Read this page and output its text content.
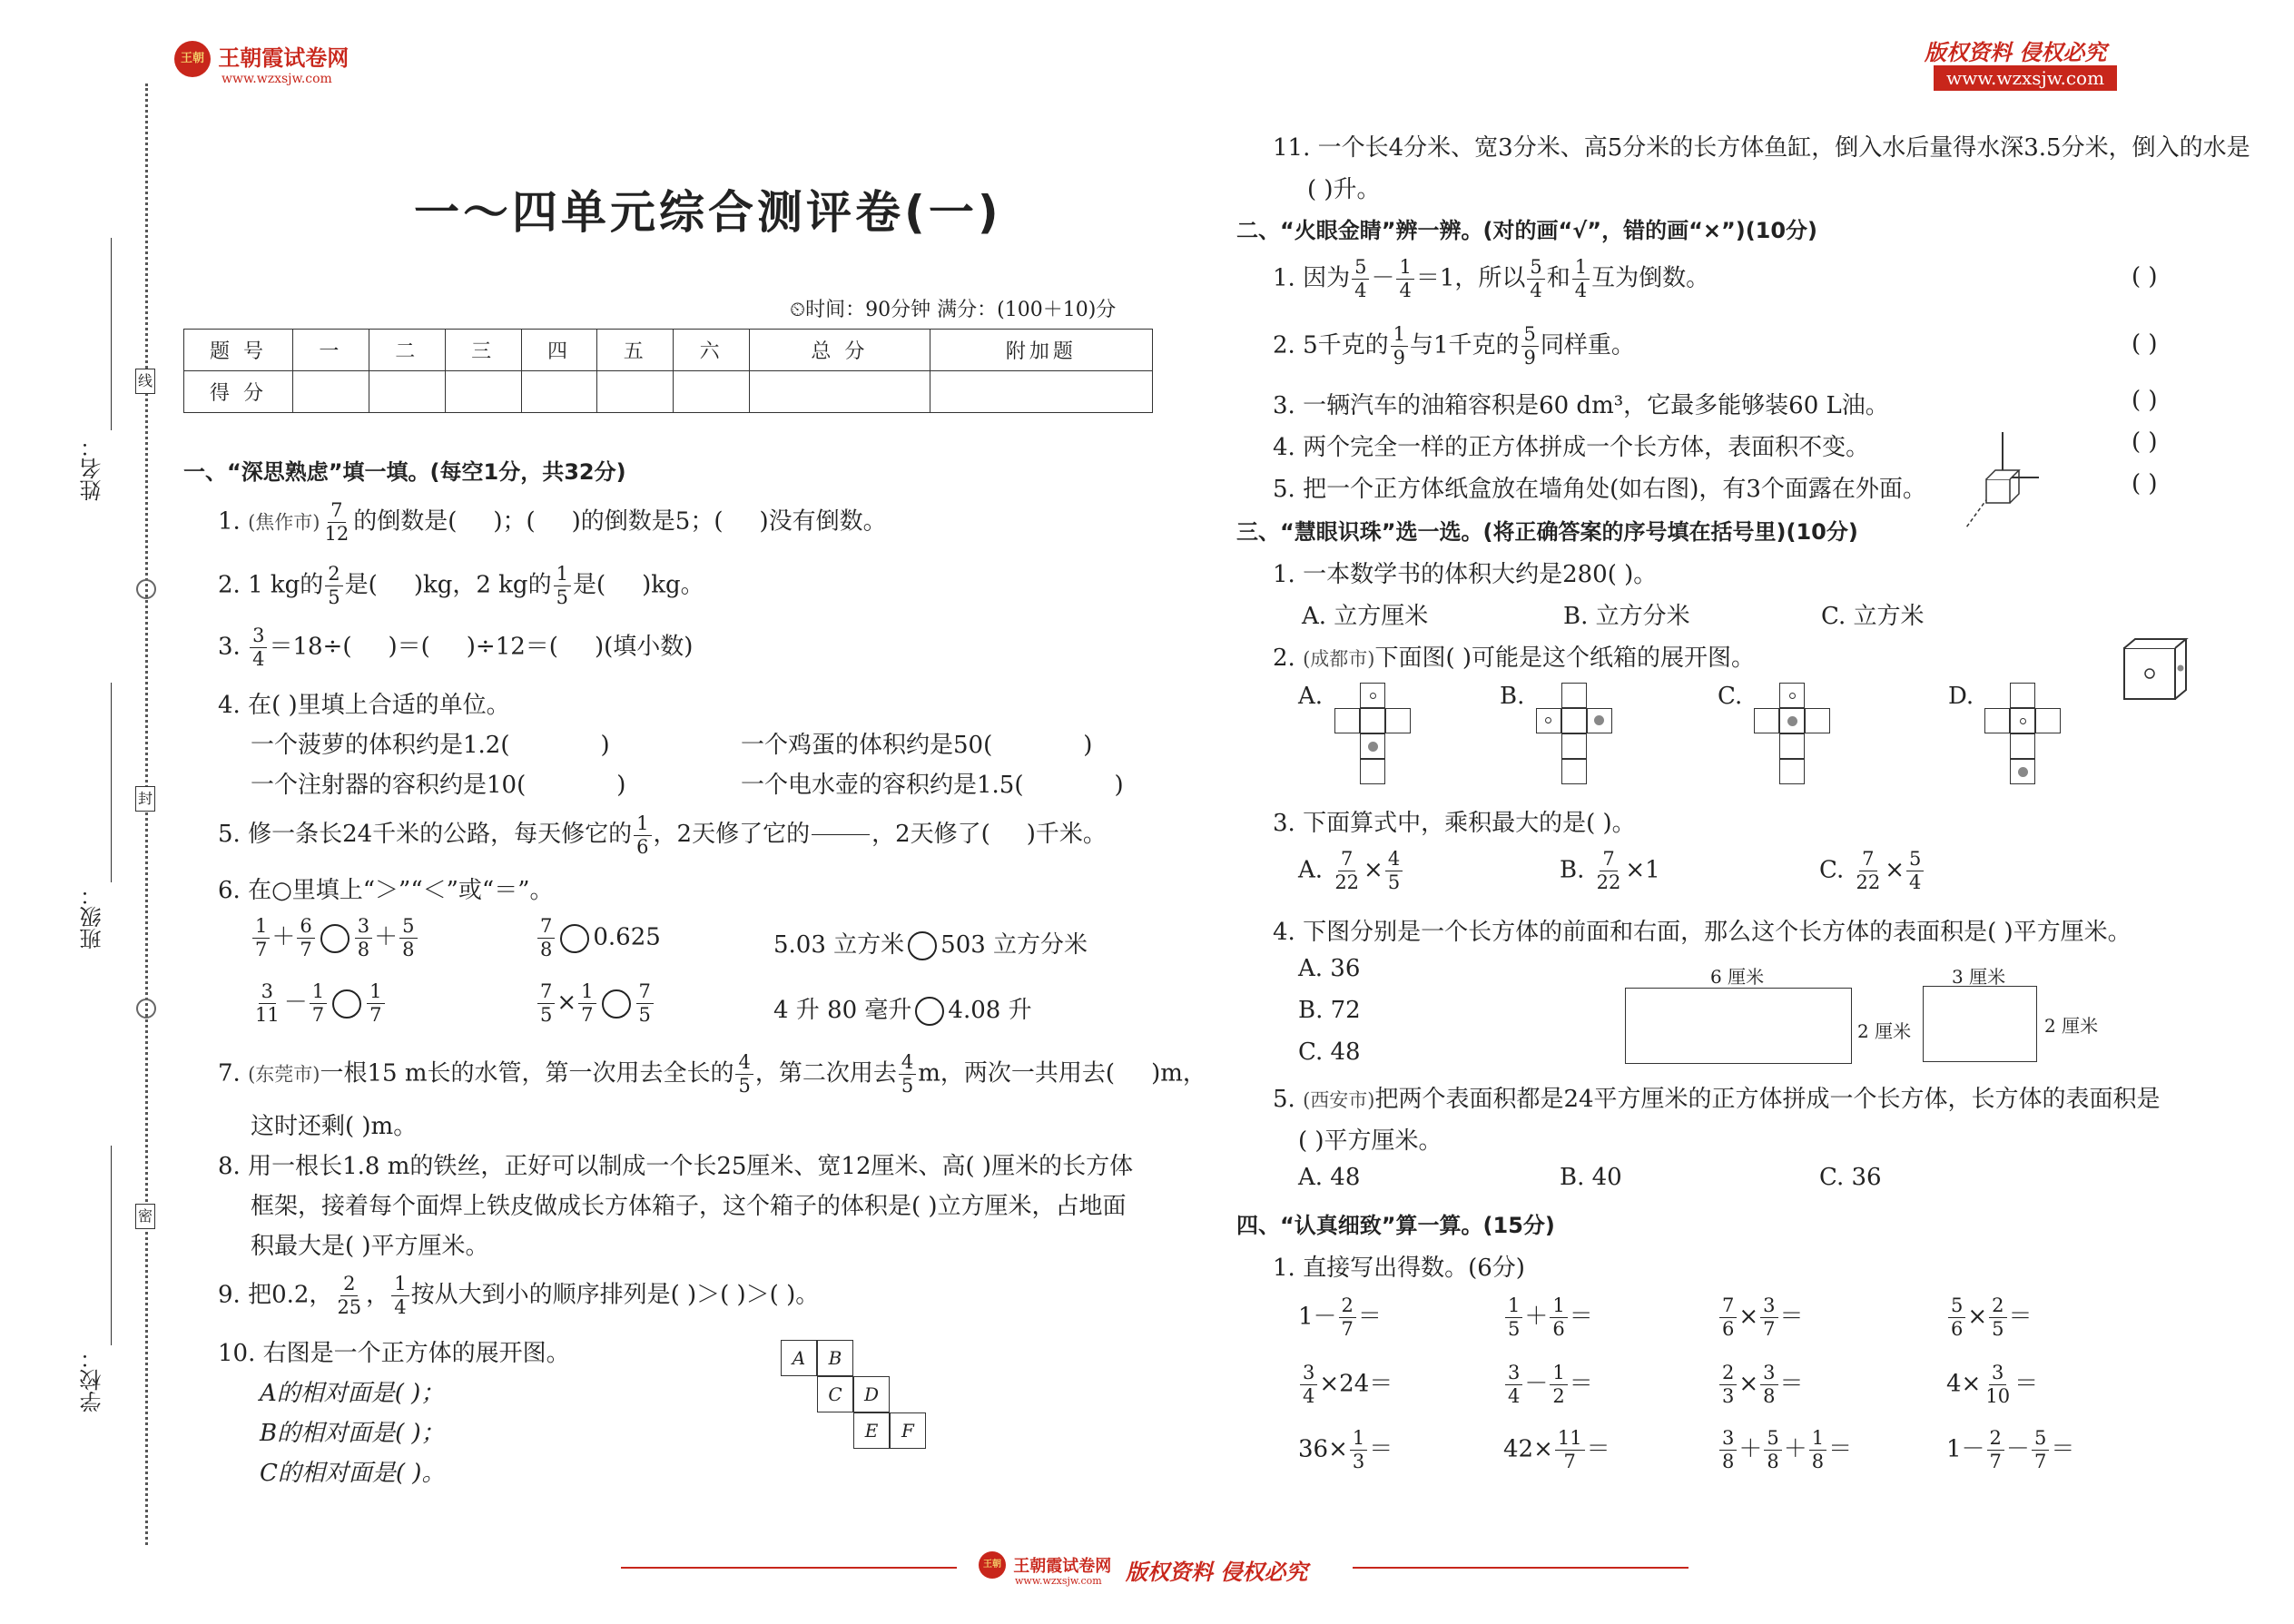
王朝 王朝霞试卷网
www.wzxsjw.com
版权资料 侵权必究
www.wzxsjw.com
姓名：
班级：
学校：
线
封
密
一～四单元综合测评卷(一)
⏲时间：90分钟 满分：(100＋10)分
题 号	一	二	三	四	五	六	总 分	附加题
得 分								
一、“深思熟虑”填一填。(每空1分，共32分)
1. (焦作市) $\frac{7}{12}$ 的倒数是( )；( )的倒数是5；( )没有倒数。
2. 1 kg的 $\frac{2}{5}$ 是( )kg，2 kg的 $\frac{1}{5}$ 是( )kg。
3. $\frac{3}{4} =18\div$( )＝( )÷12＝( )(填小数)
4. 在( )里填上合适的单位。
一个菠萝的体积约是1.2(	)	一个鸡蛋的体积约是50(	)
一个注射器的容积约是10(	)	一个电水壶的容积约是1.5(	)
5. 修一条长24千米的公路，每天修它的 $\frac{1}{6}$ ，2天修了它的	，2天修了( )千米。
6. 在○里填上“＞”“＜”或“＝”。
$\frac{1}{7} + \frac{6}{7} \frac{3}{8} + \frac{5}{8}$	$\frac{7}{8} 0.625$	5.03 立方米 503 立方分米
$\frac{3}{11} - \frac{1}{7} \frac{1}{7}$	$\frac{7}{5} \times \frac{1}{7} \frac{7}{5}$	4 升 80 毫升 4.08 升
7. (东莞市)一根15 m长的水管，第一次用去全长的 $\frac{4}{5}$ ，第二次用去 $\frac{4}{5}$ m，两次一共用去( )m，
这时还剩( )m。
8. 用一根长1.8 m的铁丝，正好可以制成一个长25厘米、宽12厘米、高( )厘米的长方体
框架，接着每个面焊上铁皮做成长方体箱子，这个箱子的体积是( )立方厘米，占地面
积最大是( )平方厘米。
9. 把0.2， $\frac{2}{25}$ ， $\frac{1}{4}$ 按从大到小的顺序排列是( )＞( )＞( )。
10. 右图是一个正方体的展开图。
A的相对面是( )；
B的相对面是( )；
C的相对面是( )。
A	B
C	D
E	F
11. 一个长4分米、宽3分米、高5分米的长方体鱼缸，倒入水后量得水深3.5分米，倒入的水是
( )升。
二、“火眼金睛”辨一辨。(对的画“√”，错的画“×”)(10分)
1. 因为 $\frac{5}{4} - \frac{1}{4} =1$，所以 $\frac{5}{4}$ 和 $\frac{1}{4}$ 互为倒数。
2. 5千克的 $\frac{1}{9}$ 与1千克的 $\frac{5}{9}$ 同样重。
3. 一辆汽车的油箱容积是60 dm³，它最多能够装60 L油。
4. 两个完全一样的正方体拼成一个长方体，表面积不变。
5. 把一个正方体纸盒放在墙角处(如右图)，有3个面露在外面。
( )
( )
( )
( )
( )
三、“慧眼识珠”选一选。(将正确答案的序号填在括号里)(10分)
1. 一本数学书的体积大约是280( )。
A. 立方厘米	B. 立方分米	C. 立方米
2. (成都市)下面图( )可能是这个纸箱的展开图。
A.	B.	C.	D.
3. 下面算式中，乘积最大的是( )。
A. $\frac{7}{22} \times \frac{4}{5}$	B. $\frac{7}{22} \times 1$	C. $\frac{7}{22} \times \frac{5}{4}$
4. 下图分别是一个长方体的前面和右面，那么这个长方体的表面积是( )平方厘米。
A. 36
B. 72
C. 48
6 厘米
2 厘米
3 厘米
2 厘米
5. (西安市)把两个表面积都是24平方厘米的正方体拼成一个长方体，长方体的表面积是
( )平方厘米。
A. 48	B. 40	C. 36
四、“认真细致”算一算。(15分)
1. 直接写出得数。(6分)
$1- \frac{2}{7}$ ＝	$\frac{1}{5} + \frac{1}{6}$ ＝	$\frac{7}{6} \times \frac{3}{7}$ ＝	$\frac{5}{6} \times \frac{2}{5}$ ＝
$\frac{3}{4} \times 24=$	$\frac{3}{4} - \frac{1}{2}$ ＝	$\frac{2}{3} \times \frac{3}{8}$ ＝	$4\times \frac{3}{10}$ ＝
$36\times \frac{1}{3}$ ＝	$42\times \frac{11}{7}$ ＝	$\frac{3}{8} + \frac{5}{8} + \frac{1}{8}$ ＝	$1- \frac{2}{7} - \frac{5}{7}$ ＝
王朝 王朝霞试卷网
www.wzxsjw.com	版权资料 侵权必究
